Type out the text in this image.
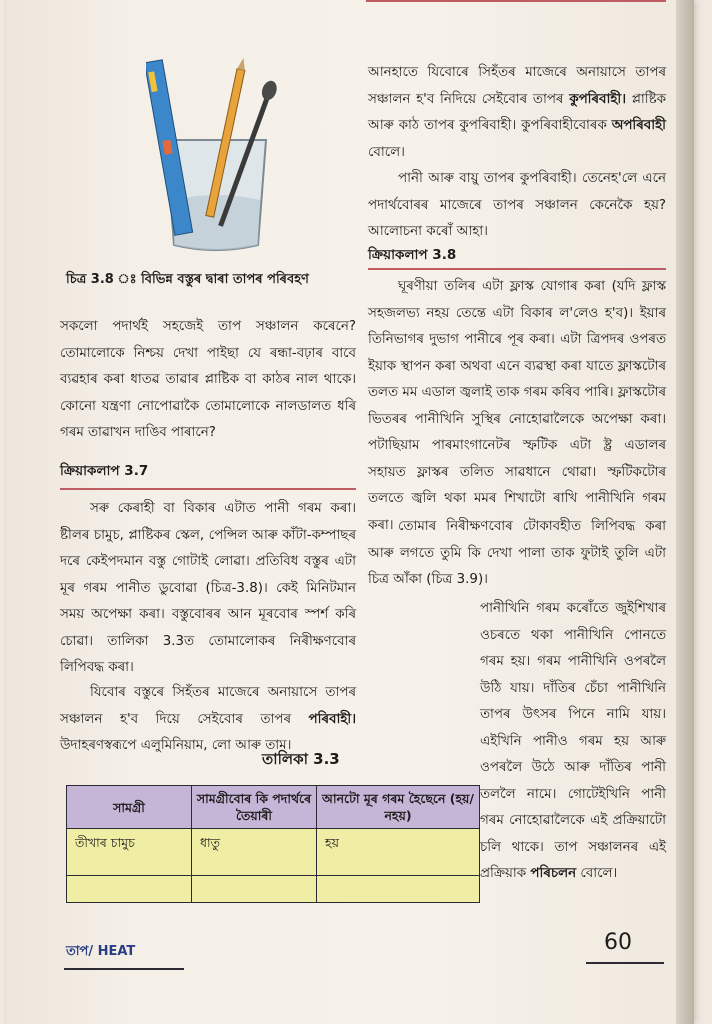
চিত্ৰ 3.8 ঃ বিভিন্ন বস্তুৰ দ্বাৰা তাপৰ পৰিবহণ

সকলো পদাৰ্থই সহজেই তাপ সঞ্চালন কৰেনে? তোমালোকে নিশ্চয় দেখা পাইছা যে ৰন্ধা-বঢ়াৰ বাবে ব্যৱহাৰ কৰা ধাতৱ তাৱাৰ প্লাষ্টিক বা কাঠৰ নাল থাকে। কোনো যন্ত্ৰণা নোপোৱাকৈ তোমালোকে নালডালত ধৰি গৰম তাৱাখন দাঙিব পাৰানে?

ক্ৰিয়াকলাপ 3.7

সৰু কেৰাহী বা বিকাৰ এটাত পানী গৰম কৰা। ষ্টীলৰ চামুচ, প্লাষ্টিকৰ স্কেল, পেন্সিল আৰু কাঁটা-কম্পাছৰ দৰে কেইপদমান বস্তু গোটাই লোৱা। প্ৰতিবিধ বস্তুৰ এটা মূৰ গৰম পানীত ডুবোৱা (চিত্ৰ-3.8)। কেই মিনিটমান সময় অপেক্ষা কৰা। বস্তুবোৰৰ আন মূৰবোৰ স্পৰ্শ কৰি চোৱা। তালিকা 3.3ত তোমালোকৰ নিৰীক্ষণবোৰ লিপিবদ্ধ কৰা।

যিবোৰ বস্তুৰে সিহঁতৰ মাজেৰে অনায়াসে তাপৰ সঞ্চালন হ'ব দিয়ে সেইবোৰ তাপৰ পৰিবাহী। উদাহৰণস্বৰূপে এলুমিনিয়াম, লো আৰু তাম।

তালিকা 3.3
সামগ্ৰী	সামগ্ৰীবোৰ কি পদাৰ্থৰে তৈয়াৰী	আনটো মূৰ গৰম হৈছেনে (হয়/নহয়)
তীখাৰ চামুচ	ধাতু	হয়

আনহাতে যিবোৰে সিহঁতৰ মাজেৰে অনায়াসে তাপৰ সঞ্চালন হ'ব নিদিয়ে সেইবোৰ তাপৰ কুপৰিবাহী। প্লাষ্টিক আৰু কাঠ তাপৰ কুপৰিবাহী। কুপৰিবাহীবোৰক অপৰিবাহী বোলে।

পানী আৰু বায়ু তাপৰ কুপৰিবাহী। তেনেহ'লে এনে পদাৰ্থবোৰৰ মাজেৰে তাপৰ সঞ্চালন কেনেকৈ হয়? আলোচনা কৰোঁ আহা।

ক্ৰিয়াকলাপ 3.8

ঘূৰণীয়া তলিৰ এটা ফ্লাস্ক যোগাৰ কৰা (যদি ফ্লাস্ক সহজলভ্য নহয় তেন্তে এটা বিকাৰ ল'লেও হ'ব)। ইয়াৰ তিনিভাগৰ দুভাগ পানীৰে পূৰ কৰা। এটা ত্ৰিপদৰ ওপৰত ইয়াক স্থাপন কৰা অথবা এনে ব্যৱস্থা কৰা যাতে ফ্লাস্কটোৰ তলত মম এডাল জ্বলাই তাক গৰম কৰিব পাৰি। ফ্লাস্কটোৰ ভিতৰৰ পানীখিনি সুস্থিৰ নোহোৱালৈকে অপেক্ষা কৰা। পটাছিয়াম পাৰমাংগানেটৰ স্ফটিক এটা ষ্ট্ৰ এডালৰ সহায়ত ফ্লাস্কৰ তলিত সাৱধানে থোৱা। স্ফটিকটোৰ তলতে জ্বলি থকা মমৰ শিখাটো ৰাখি পানীখিনি গৰম কৰা। তোমাৰ নিৰীক্ষণবোৰ টোকাবহীত লিপিবদ্ধ কৰা আৰু লগতে তুমি কি দেখা পালা তাক ফুটাই তুলি এটা চিত্ৰ আঁকা (চিত্ৰ 3.9)।

পানীখিনি গৰম কৰোঁতে জুইশিখাৰ ওচৰতে থকা পানীখিনি পোনতে গৰম হয়। গৰম পানীখিনি ওপৰলৈ উঠি যায়। দাঁতিৰ চেঁচা পানীখিনি তাপৰ উৎসৰ পিনে নামি যায়। এইখিনি পানীও গৰম হয় আৰু ওপৰলৈ উঠে আৰু দাঁতিৰ পানী তললৈ নামে। গোটেইখিনি পানী গৰম নোহোৱালৈকে এই প্ৰক্ৰিয়াটো চলি থাকে। তাপ সঞ্চালনৰ এই প্ৰক্ৰিয়াক পৰিচলন বোলে।

তাপ/ HEAT	60
